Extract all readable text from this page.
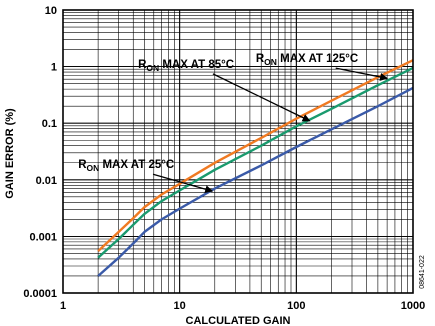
1	10	100	1000
0.0001
0.001
0.01
0.1
1
10
$R_{ON}$ MAX AT 125°C
$R_{ON}$ MAX AT 85°C
$R_{ON}$ MAX AT 25°C
CALCULATED GAIN
GAIN ERROR (%)
08641-022
